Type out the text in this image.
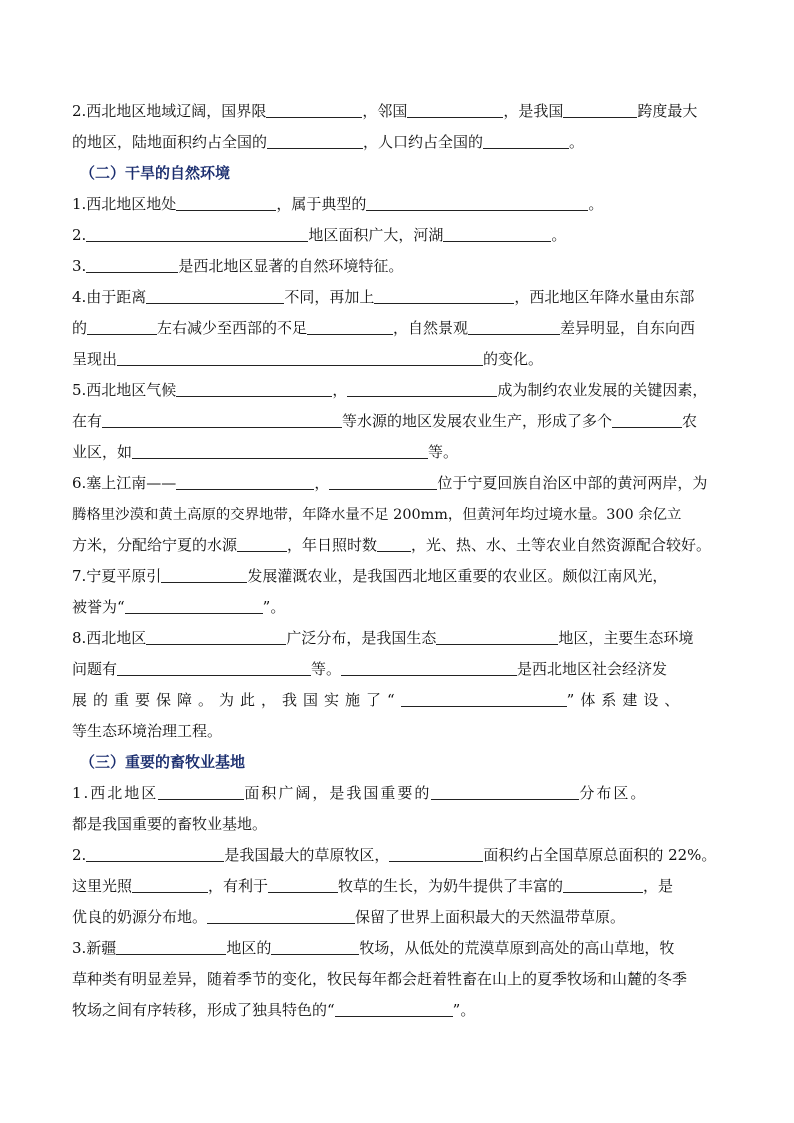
2.西北地区地域辽阔，国界限	，邻国	，是我国	跨度最大
的地区，陆地面积约占全国的	，人口约占全国的	。
（二）干旱的自然环境
1.西北地区地处	，属于典型的	。
2.	地区面积广大，河湖	。
3.	是西北地区显著的自然环境特征。
4.由于距离	不同，再加上	，西北地区年降水量由东部
的	左右减少至西部的不足	，自然景观	差异明显，自东向西
呈现出	的变化。
5.西北地区气候	，	成为制约农业发展的关键因素，
在有	等水源的地区发展农业生产，形成了多个	农
业区，如	等。
6.塞上江南——	，	位于宁夏回族自治区中部的黄河两岸，为
腾格里沙漠和黄土高原的交界地带，年降水量不足 200mm，但黄河年均过境水量。300 余亿立
方米，分配给宁夏的水源	，年日照时数 ，光、热、水、土等农业自然资源配合较好。
7.宁夏平原引	发展灌溉农业，是我国西北地区重要的农业区。颇似江南风光，
被誉为“	”。
8.西北地区	广泛分布，是我国生态	地区，主要生态环境
问题有	等。	是西北地区社会经济发
展的重要保障。为此，我国实施了“	”体系建设、
等生态环境治理工程。
（三）重要的畜牧业基地
1.西北地区	面积广阔，是我国重要的	分布区。
都是我国重要的畜牧业基地。
2.	是我国最大的草原牧区，	面积约占全国草原总面积的 22%。
这里光照	，有利于	牧草的生长，为奶牛提供了丰富的	，是
优良的奶源分布地。	保留了世界上面积最大的天然温带草原。
3.新疆	地区的	牧场，从低处的荒漠草原到高处的高山草地，牧
草种类有明显差异，随着季节的变化，牧民每年都会赶着牲畜在山上的夏季牧场和山麓的冬季
牧场之间有序转移，形成了独具特色的“	”。
